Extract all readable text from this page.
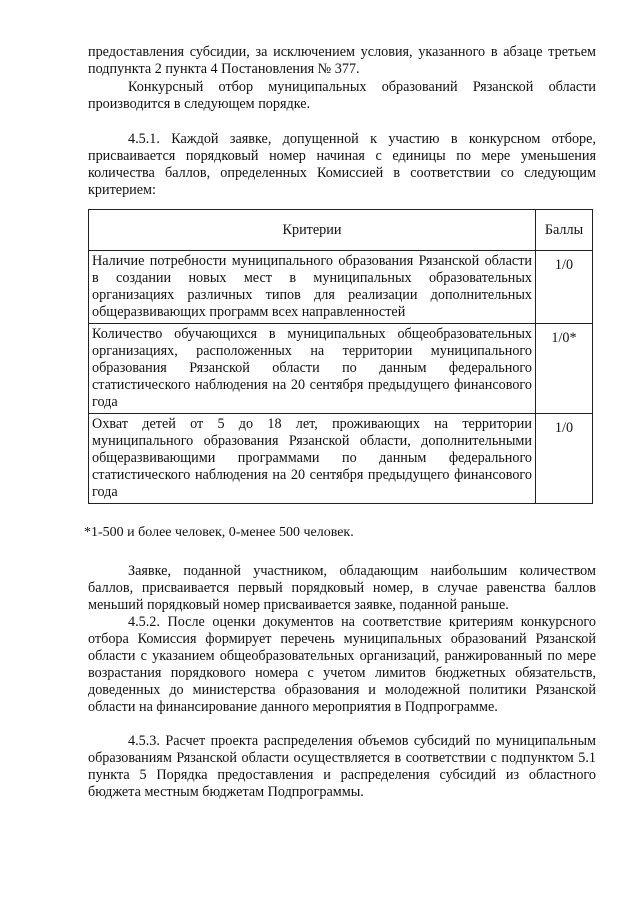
предоставления субсидии, за исключением условия, указанного в абзаце третьем подпункта 2 пункта 4 Постановления № 377.

Конкурсный отбор муниципальных образований Рязанской области производится в следующем порядке.

4.5.1. Каждой заявке, допущенной к участию в конкурсном отборе, присваивается порядковый номер начиная с единицы по мере уменьшения количества баллов, определенных Комиссией в соответствии со следующим критерием:

Критерии	Баллы

Наличие потребности муниципального образования Рязанской области в создании новых мест в муниципальных образовательных организациях различных типов для реализации дополнительных общеразвивающих программ всех направленностей	1/0

Количество обучающихся в муниципальных общеобразовательных организациях, расположенных на территории муниципального образования Рязанской области по данным федерального статистического наблюдения на 20 сентября предыдущего финансового года	1/0*

Охват детей от 5 до 18 лет, проживающих на территории муниципального образования Рязанской области, дополнительными общеразвивающими программами по данным федерального статистического наблюдения на 20 сентября предыдущего финансового года	1/0

*1-500 и более человек, 0-менее 500 человек.

Заявке, поданной участником, обладающим наибольшим количеством баллов, присваивается первый порядковый номер, в случае равенства баллов меньший порядковый номер присваивается заявке, поданной раньше.

4.5.2. После оценки документов на соответствие критериям конкурсного отбора Комиссия формирует перечень муниципальных образований Рязанской области с указанием общеобразовательных организаций, ранжированный по мере возрастания порядкового номера с учетом лимитов бюджетных обязательств, доведенных до министерства образования и молодежной политики Рязанской области на финансирование данного мероприятия в Подпрограмме.

4.5.3. Расчет проекта распределения объемов субсидий по муниципальным образованиям Рязанской области осуществляется в соответствии с подпунктом 5.1 пункта 5 Порядка предоставления и распределения субсидий из областного бюджета местным бюджетам Подпрограммы.
